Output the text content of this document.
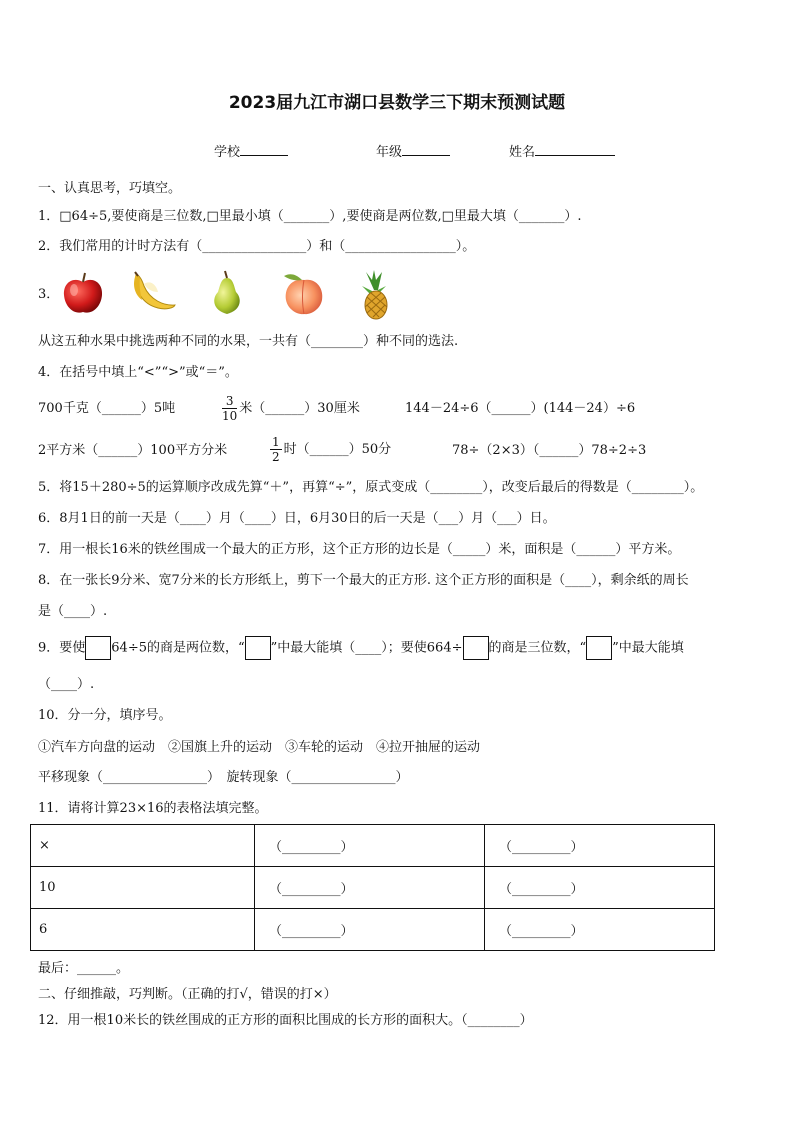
2023届九江市湖口县数学三下期末预测试题
学校	年级	姓名
一、认真思考，巧填空。
1．□64÷5,要使商是三位数,□里最小填（_______）,要使商是两位数,□里最大填（_______）.
2．我们常用的计时方法有（________________）和（_________________）。
3．
从这五种水果中挑选两种不同的水果，一共有（________）种不同的选法.
4．在括号中填上“<”“>”或“＝”。
700千克（______）5吨	$\frac{3}{10}$ 米（______）30厘米	144－24÷6（______）(144－24）÷6
2平方米（______）100平方分米	$\frac{1}{2}$ 时（______）50分	78÷（2×3）（______）78÷2÷3
5．将15＋280÷5的运算顺序改成先算“＋”，再算“÷”，原式变成（________），改变后最后的得数是（________）。
6．8月1日的前一天是（____）月（____）日，6月30日的后一天是（___）月（___）日。
7．用一根长16米的铁丝围成一个最大的正方形，这个正方形的边长是（_____）米，面积是（______）平方米。
8．在一张长9分米、宽7分米的长方形纸上，剪下一个最大的正方形. 这个正方形的面积是（____），剩余纸的周长
是（____）.
9．要使 64÷5的商是两位数，“ ”中最大能填（____）；要使664÷ 的商是三位数，“ ”中最大能填
（____）.
10．分一分，填序号。
①汽车方向盘的运动　②国旗上升的运动　③车轮的运动　④拉开抽屉的运动
平移现象（________________）　旋转现象（________________）
11．请将计算23×16的表格法填完整。
×	（_________）	（_________）
10	（_________）	（_________）
6	（_________）	（_________）
最后：______。
二、仔细推敲，巧判断。（正确的打√，错误的打×）
12．用一根10米长的铁丝围成的正方形的面积比围成的长方形的面积大。（________）
